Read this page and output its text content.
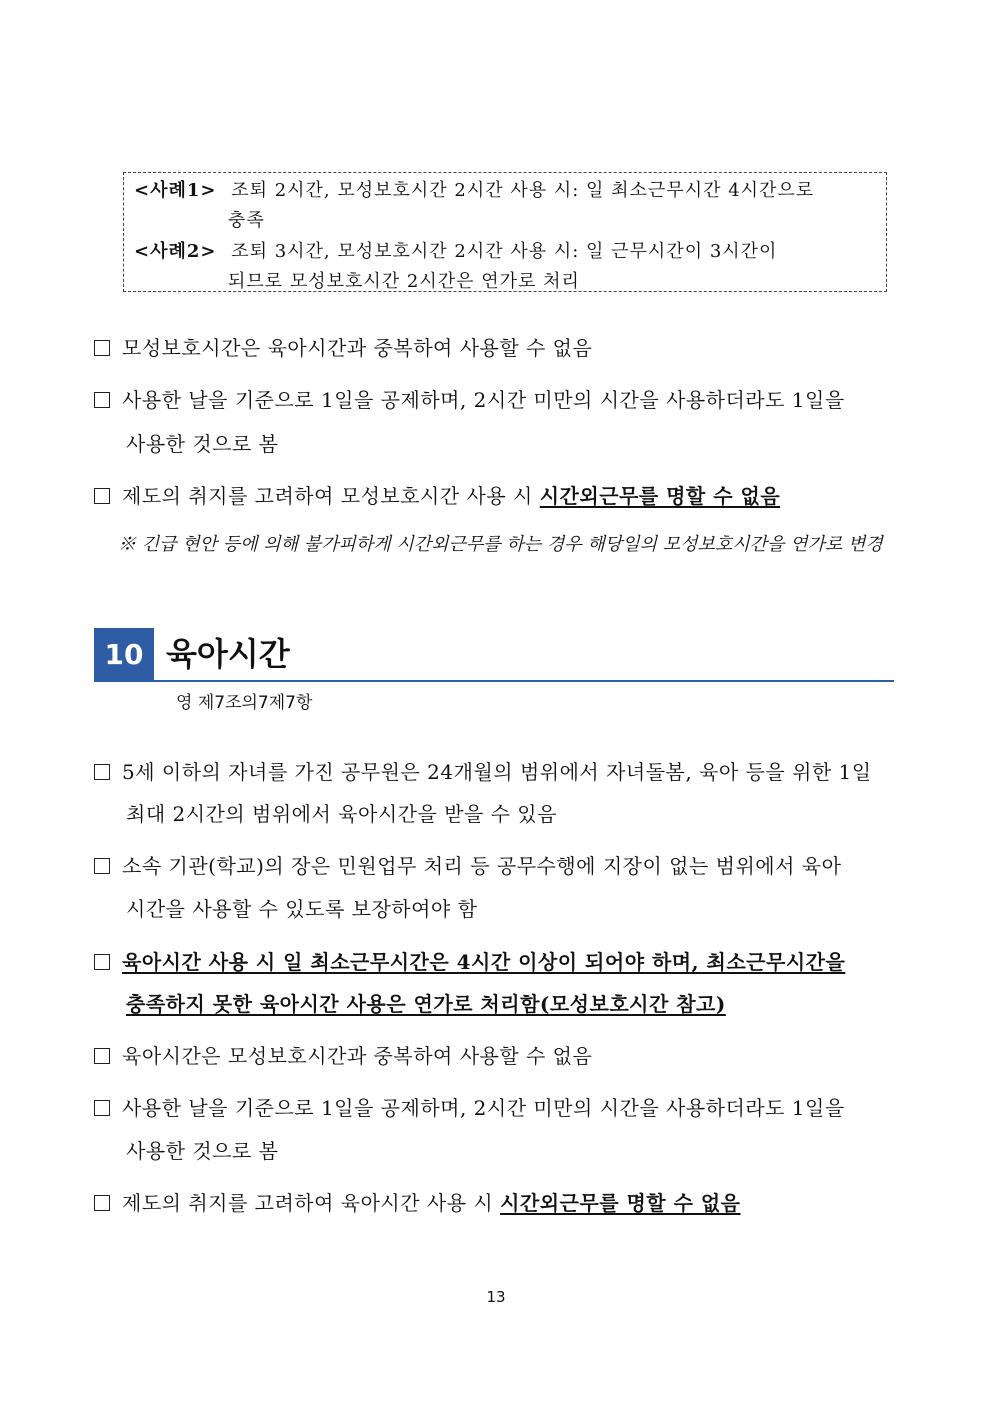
<사례1> 조퇴 2시간, 모성보호시간 2시간 사용 시: 일 최소근무시간 4시간으로
충족
<사례2> 조퇴 3시간, 모성보호시간 2시간 사용 시: 일 근무시간이 3시간이
되므로 모성보호시간 2시간은 연가로 처리
모성보호시간은 육아시간과 중복하여 사용할 수 없음
사용한 날을 기준으로 1일을 공제하며, 2시간 미만의 시간을 사용하더라도 1일을
사용한 것으로 봄
제도의 취지를 고려하여 모성보호시간 사용 시 시간외근무를 명할 수 없음
※ 긴급 현안 등에 의해 불가피하게 시간외근무를 하는 경우 해당일의 모성보호시간을 연가로 변경
10 육아시간
영 제7조의7제7항
5세 이하의 자녀를 가진 공무원은 24개월의 범위에서 자녀돌봄, 육아 등을 위한 1일
최대 2시간의 범위에서 육아시간을 받을 수 있음
소속 기관(학교)의 장은 민원업무 처리 등 공무수행에 지장이 없는 범위에서 육아
시간을 사용할 수 있도록 보장하여야 함
육아시간 사용 시 일 최소근무시간은 4시간 이상이 되어야 하며, 최소근무시간을
충족하지 못한 육아시간 사용은 연가로 처리함(모성보호시간 참고)
육아시간은 모성보호시간과 중복하여 사용할 수 없음
사용한 날을 기준으로 1일을 공제하며, 2시간 미만의 시간을 사용하더라도 1일을
사용한 것으로 봄
제도의 취지를 고려하여 육아시간 사용 시 시간외근무를 명할 수 없음
13
